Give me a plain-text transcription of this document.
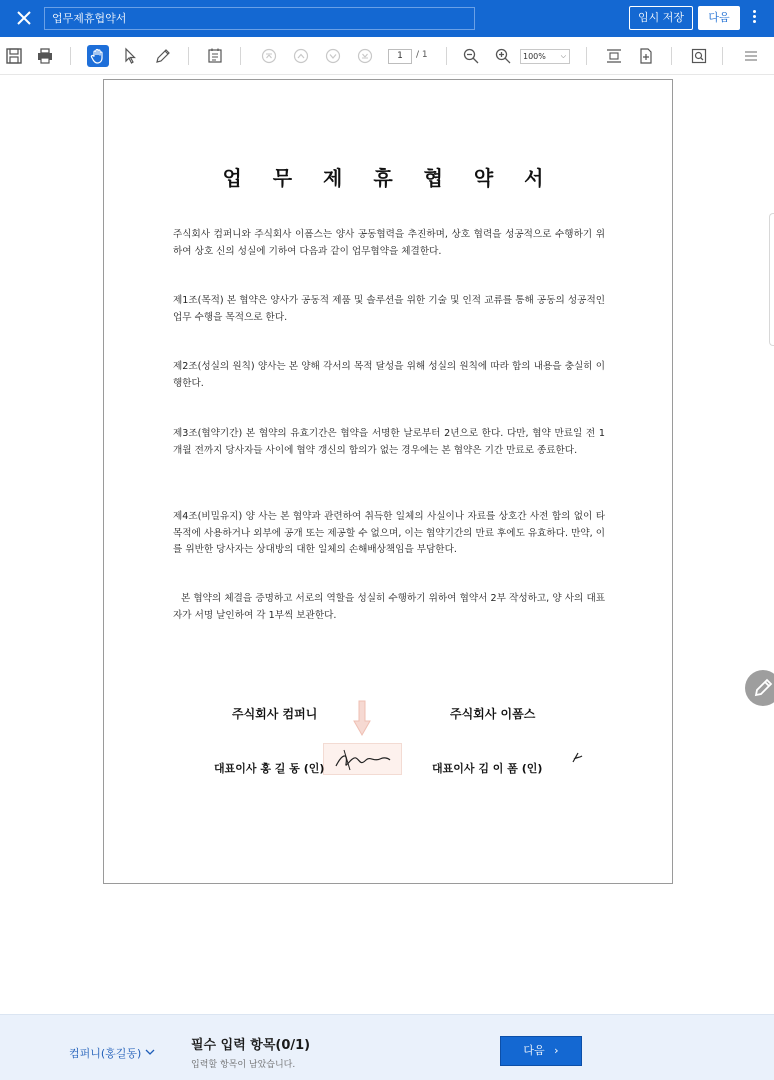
업무제휴협약서	임시 저장	다음
1	/ 1	100% ⌵
업 무 제 휴 협 약 서
주식회사 컴퍼니와 주식회사 이폼스는 양사 공동협력을 추진하며, 상호 협력을 성공적으로 수행하기 위하여 상호 신의 성실에 기하여 다음과 같이 업무협약을 체결한다.
제1조(목적) 본 협약은 양사가 공동적 제품 및 솔루션을 위한 기술 및 인적 교류를 통해 공동의 성공적인 업무 수행을 목적으로 한다.
제2조(성실의 원칙) 양사는 본 양해 각서의 목적 달성을 위해 성실의 원칙에 따라 합의 내용을 충실히 이행한다.
제3조(협약기간) 본 협약의 유효기간은 협약을 서명한 날로부터 2년으로 한다. 다만, 협약 만료일 전 1개월 전까지 당사자들 사이에 협약 갱신의 합의가 없는 경우에는 본 협약은 기간 만료로 종료한다.
제4조(비밀유지) 양 사는 본 협약과 관련하여 취득한 일체의 사실이나 자료를 상호간 사전 합의 없이 타 목적에 사용하거나 외부에 공개 또는 제공할 수 없으며, 이는 협약기간의 만료 후에도 유효하다. 만약, 이를 위반한 당사자는 상대방의 대한 일체의 손해배상책임을 부담한다.
본 협약의 체결을 증명하고 서로의 역할을 성실히 수행하기 위하여 협약서 2부 작성하고, 양 사의 대표자가 서명 날인하여 각 1부씩 보관한다.
주식회사 컴퍼니	주식회사 이폼스
대표이사 홍 길 동 (인)	대표이사 김 이 폼 (인)
컴퍼니(홍길동)
필수 입력 항목(0/1)
입력할 항목이 남았습니다.
다음 ›
